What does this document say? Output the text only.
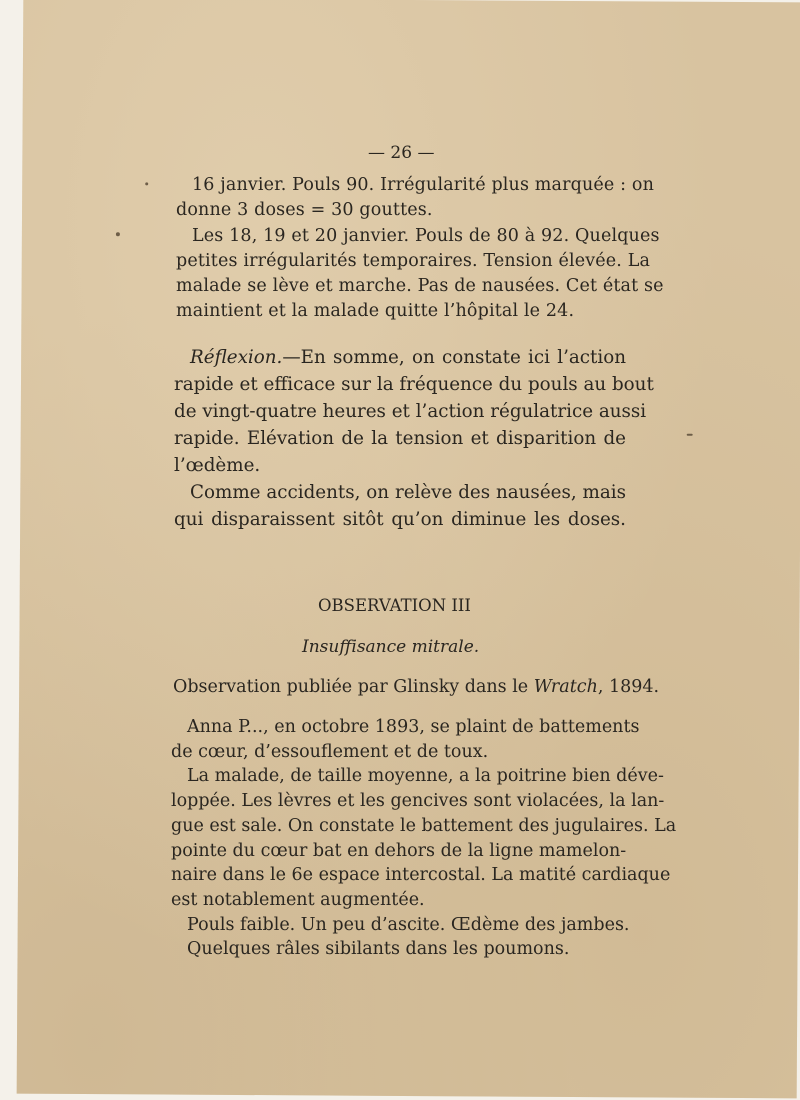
— 26 —
16 janvier. Pouls 90. Irrégularité plus marquée : on
donne 3 doses = 30 gouttes.
Les 18, 19 et 20 janvier. Pouls de 80 à 92. Quelques
petites irrégularités temporaires. Tension élevée. La
malade se lève et marche. Pas de nausées. Cet état se
maintient et la malade quitte l’hôpital le 24.
Réflexion.—En somme, on constate ici l’action
rapide et efficace sur la fréquence du pouls au bout
de vingt-quatre heures et l’action régulatrice aussi
rapide. Elévation de la tension et disparition de
l’œdème.
Comme accidents, on relève des nausées, mais
qui disparaissent sitôt qu’on diminue les doses.
OBSERVATION III
Insuffisance mitrale.
Observation publiée par Glinsky dans le Wratch, 1894.
Anna P..., en octobre 1893, se plaint de battements
de cœur, d’essouflement et de toux.
La malade, de taille moyenne, a la poitrine bien déve-
loppée. Les lèvres et les gencives sont violacées, la lan-
gue est sale. On constate le battement des jugulaires. La
pointe du cœur bat en dehors de la ligne mamelon-
naire dans le 6e espace intercostal. La matité cardiaque
est notablement augmentée.
Pouls faible. Un peu d’ascite. Œdème des jambes.
Quelques râles sibilants dans les poumons.
